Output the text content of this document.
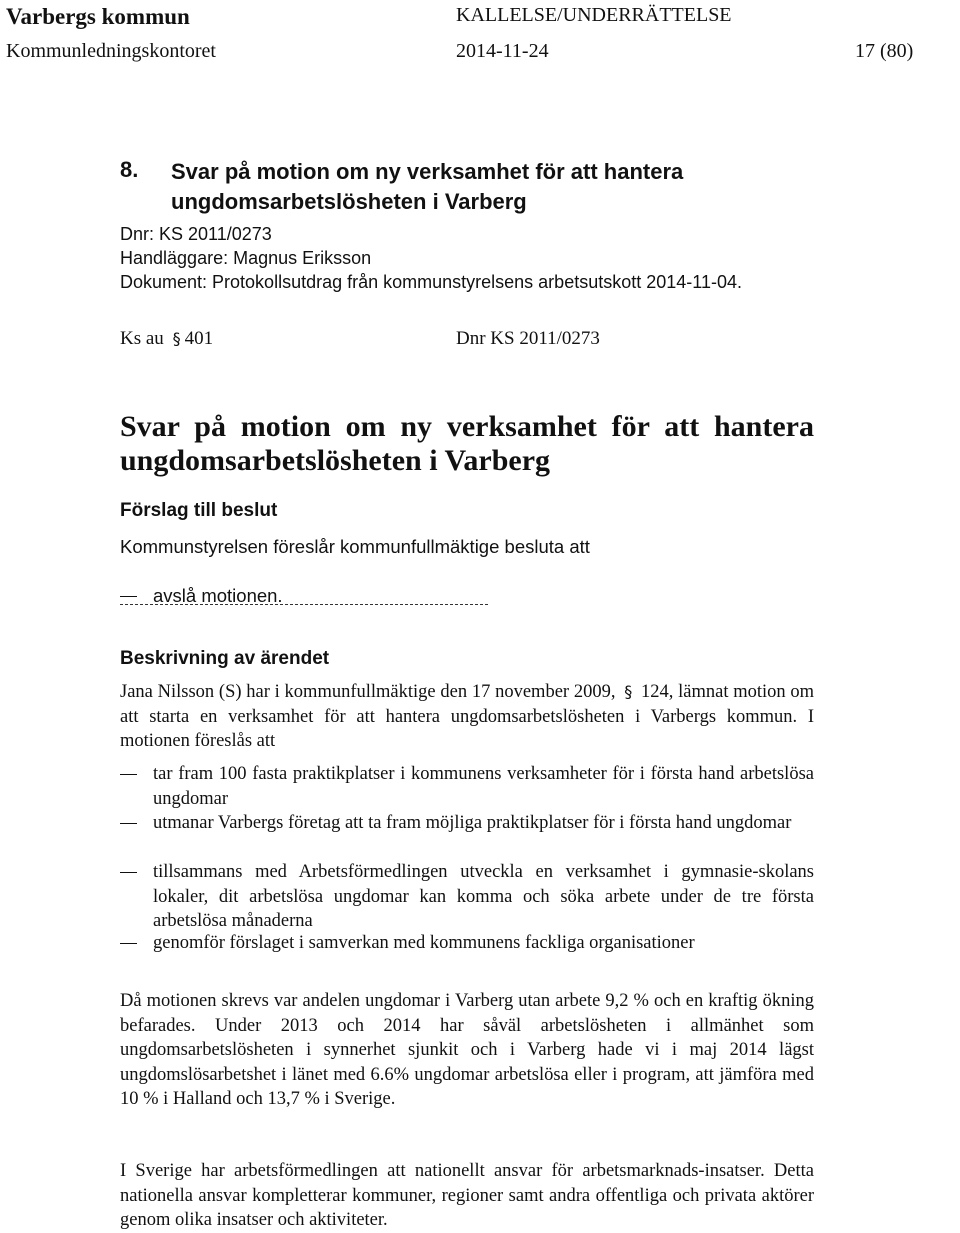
Varbergs kommun	KALLELSE/UNDERRÄTTELSE
Kommunledningskontoret	2014-11-24	17 (80)
8. Svar på motion om ny verksamhet för att hantera ungdomsarbetslösheten i Varberg
Dnr: KS 2011/0273
Handläggare: Magnus Eriksson
Dokument: Protokollsutdrag från kommunstyrelsens arbetsutskott 2014-11-04.
Ks au § 401	Dnr KS 2011/0273
Svar på motion om ny verksamhet för att hantera ungdomsarbetslösheten i Varberg
Förslag till beslut
Kommunstyrelsen föreslår kommunfullmäktige besluta att
avslå motionen.
Beskrivning av ärendet
Jana Nilsson (S) har i kommunfullmäktige den 17 november 2009, § 124, lämnat motion om att starta en verksamhet för att hantera ungdomsarbetslösheten i Varbergs kommun. I motionen föreslås att
tar fram 100 fasta praktikplatser i kommunens verksamheter för i första hand arbetslösa ungdomar
utmanar Varbergs företag att ta fram möjliga praktikplatser för i första hand ungdomar
tillsammans med Arbetsförmedlingen utveckla en verksamhet i gymnasie-skolans lokaler, dit arbetslösa ungdomar kan komma och söka arbete under de tre första arbetslösa månaderna
genomför förslaget i samverkan med kommunens fackliga organisationer
Då motionen skrevs var andelen ungdomar i Varberg utan arbete 9,2 % och en kraftig ökning befarades. Under 2013 och 2014 har såväl arbetslösheten i allmänhet som ungdomsarbetslösheten i synnerhet sjunkit och i Varberg hade vi i maj 2014 lägst ungdomslösarbetshet i länet med 6.6% ungdomar arbetslösa eller i program, att jämföra med 10 % i Halland och 13,7 % i Sverige.
I Sverige har arbetsförmedlingen att nationellt ansvar för arbetsmarknads-insatser. Detta nationella ansvar kompletterar kommuner, regioner samt andra offentliga och privata aktörer genom olika insatser och aktiviteter.
